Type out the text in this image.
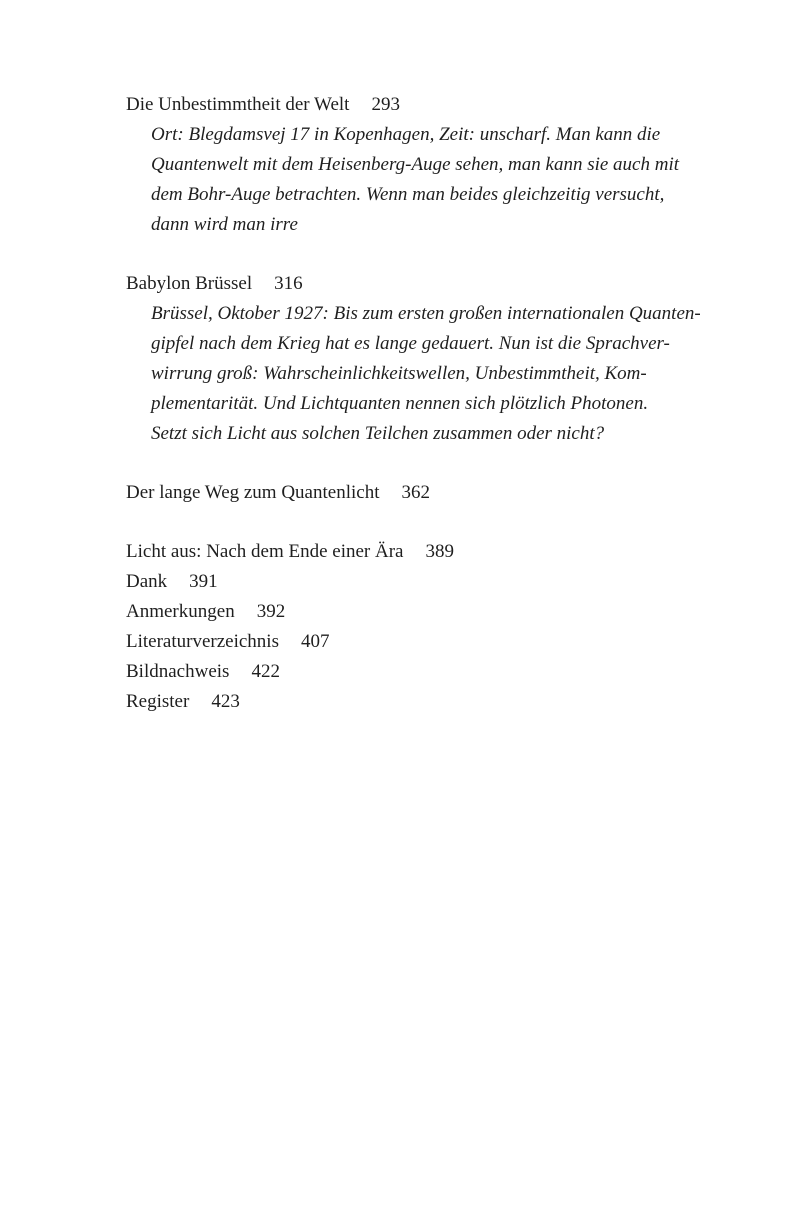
Die Unbestimmtheit der Welt 293
Ort: Blegdamsvej 17 in Kopenhagen, Zeit: unscharf. Man kann die
Quantenwelt mit dem Heisenberg-Auge sehen, man kann sie auch mit
dem Bohr-Auge betrachten. Wenn man beides gleichzeitig versucht,
dann wird man irre
Babylon Brüssel 316
Brüssel, Oktober 1927: Bis zum ersten großen internationalen Quanten-
gipfel nach dem Krieg hat es lange gedauert. Nun ist die Sprachver-
wirrung groß: Wahrscheinlichkeitswellen, Unbestimmtheit, Kom-
plementarität. Und Lichtquanten nennen sich plötzlich Photonen.
Setzt sich Licht aus solchen Teilchen zusammen oder nicht?
Der lange Weg zum Quantenlicht 362
Licht aus: Nach dem Ende einer Ära 389
Dank 391
Anmerkungen 392
Literaturverzeichnis 407
Bildnachweis 422
Register 423
